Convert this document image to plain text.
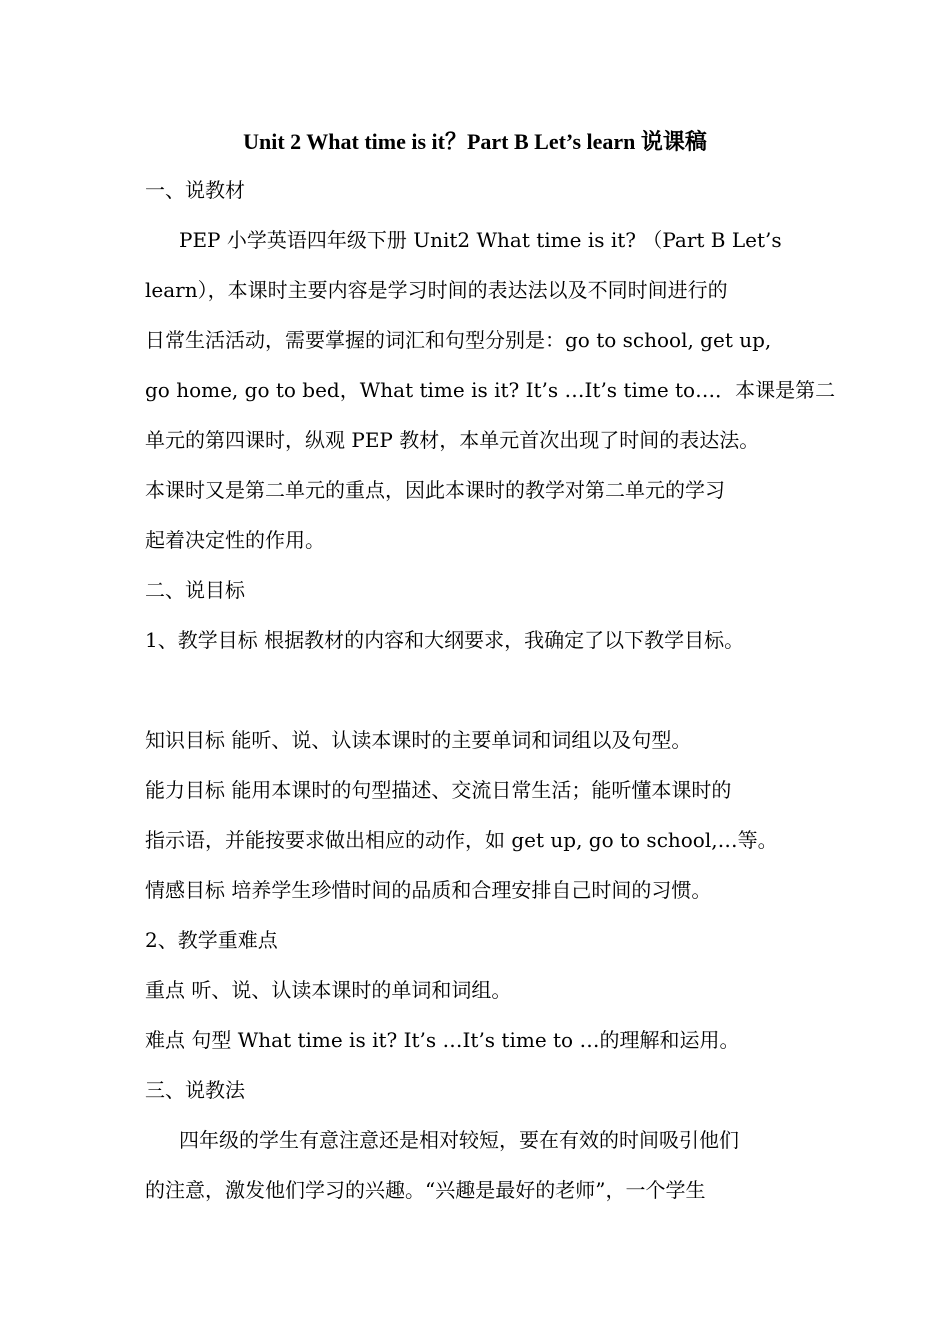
Unit 2 What time is it？Part B Let’s learn 说课稿
一、说教材
PEP 小学英语四年级下册 Unit2 What time is it? （Part B Let’s
learn），本课时主要内容是学习时间的表达法以及不同时间进行的
日常生活活动，需要掌握的词汇和句型分别是：go to school, get up,
go home, go to bed，What time is it? It’s …It’s time to…．本课是第二
单元的第四课时，纵观 PEP 教材，本单元首次出现了时间的表达法。
本课时又是第二单元的重点，因此本课时的教学对第二单元的学习
起着决定性的作用。
二、说目标
1、教学目标 根据教材的内容和大纲要求，我确定了以下教学目标。
知识目标 能听、说、认读本课时的主要单词和词组以及句型。
能力目标 能用本课时的句型描述、交流日常生活；能听懂本课时的
指示语，并能按要求做出相应的动作，如 get up, go to school,…等。
情感目标 培养学生珍惜时间的品质和合理安排自己时间的习惯。
2、教学重难点
重点 听、说、认读本课时的单词和词组。
难点 句型 What time is it? It’s …It’s time to …的理解和运用。
三、说教法
四年级的学生有意注意还是相对较短，要在有效的时间吸引他们
的注意，激发他们学习的兴趣。“兴趣是最好的老师”，一个学生
